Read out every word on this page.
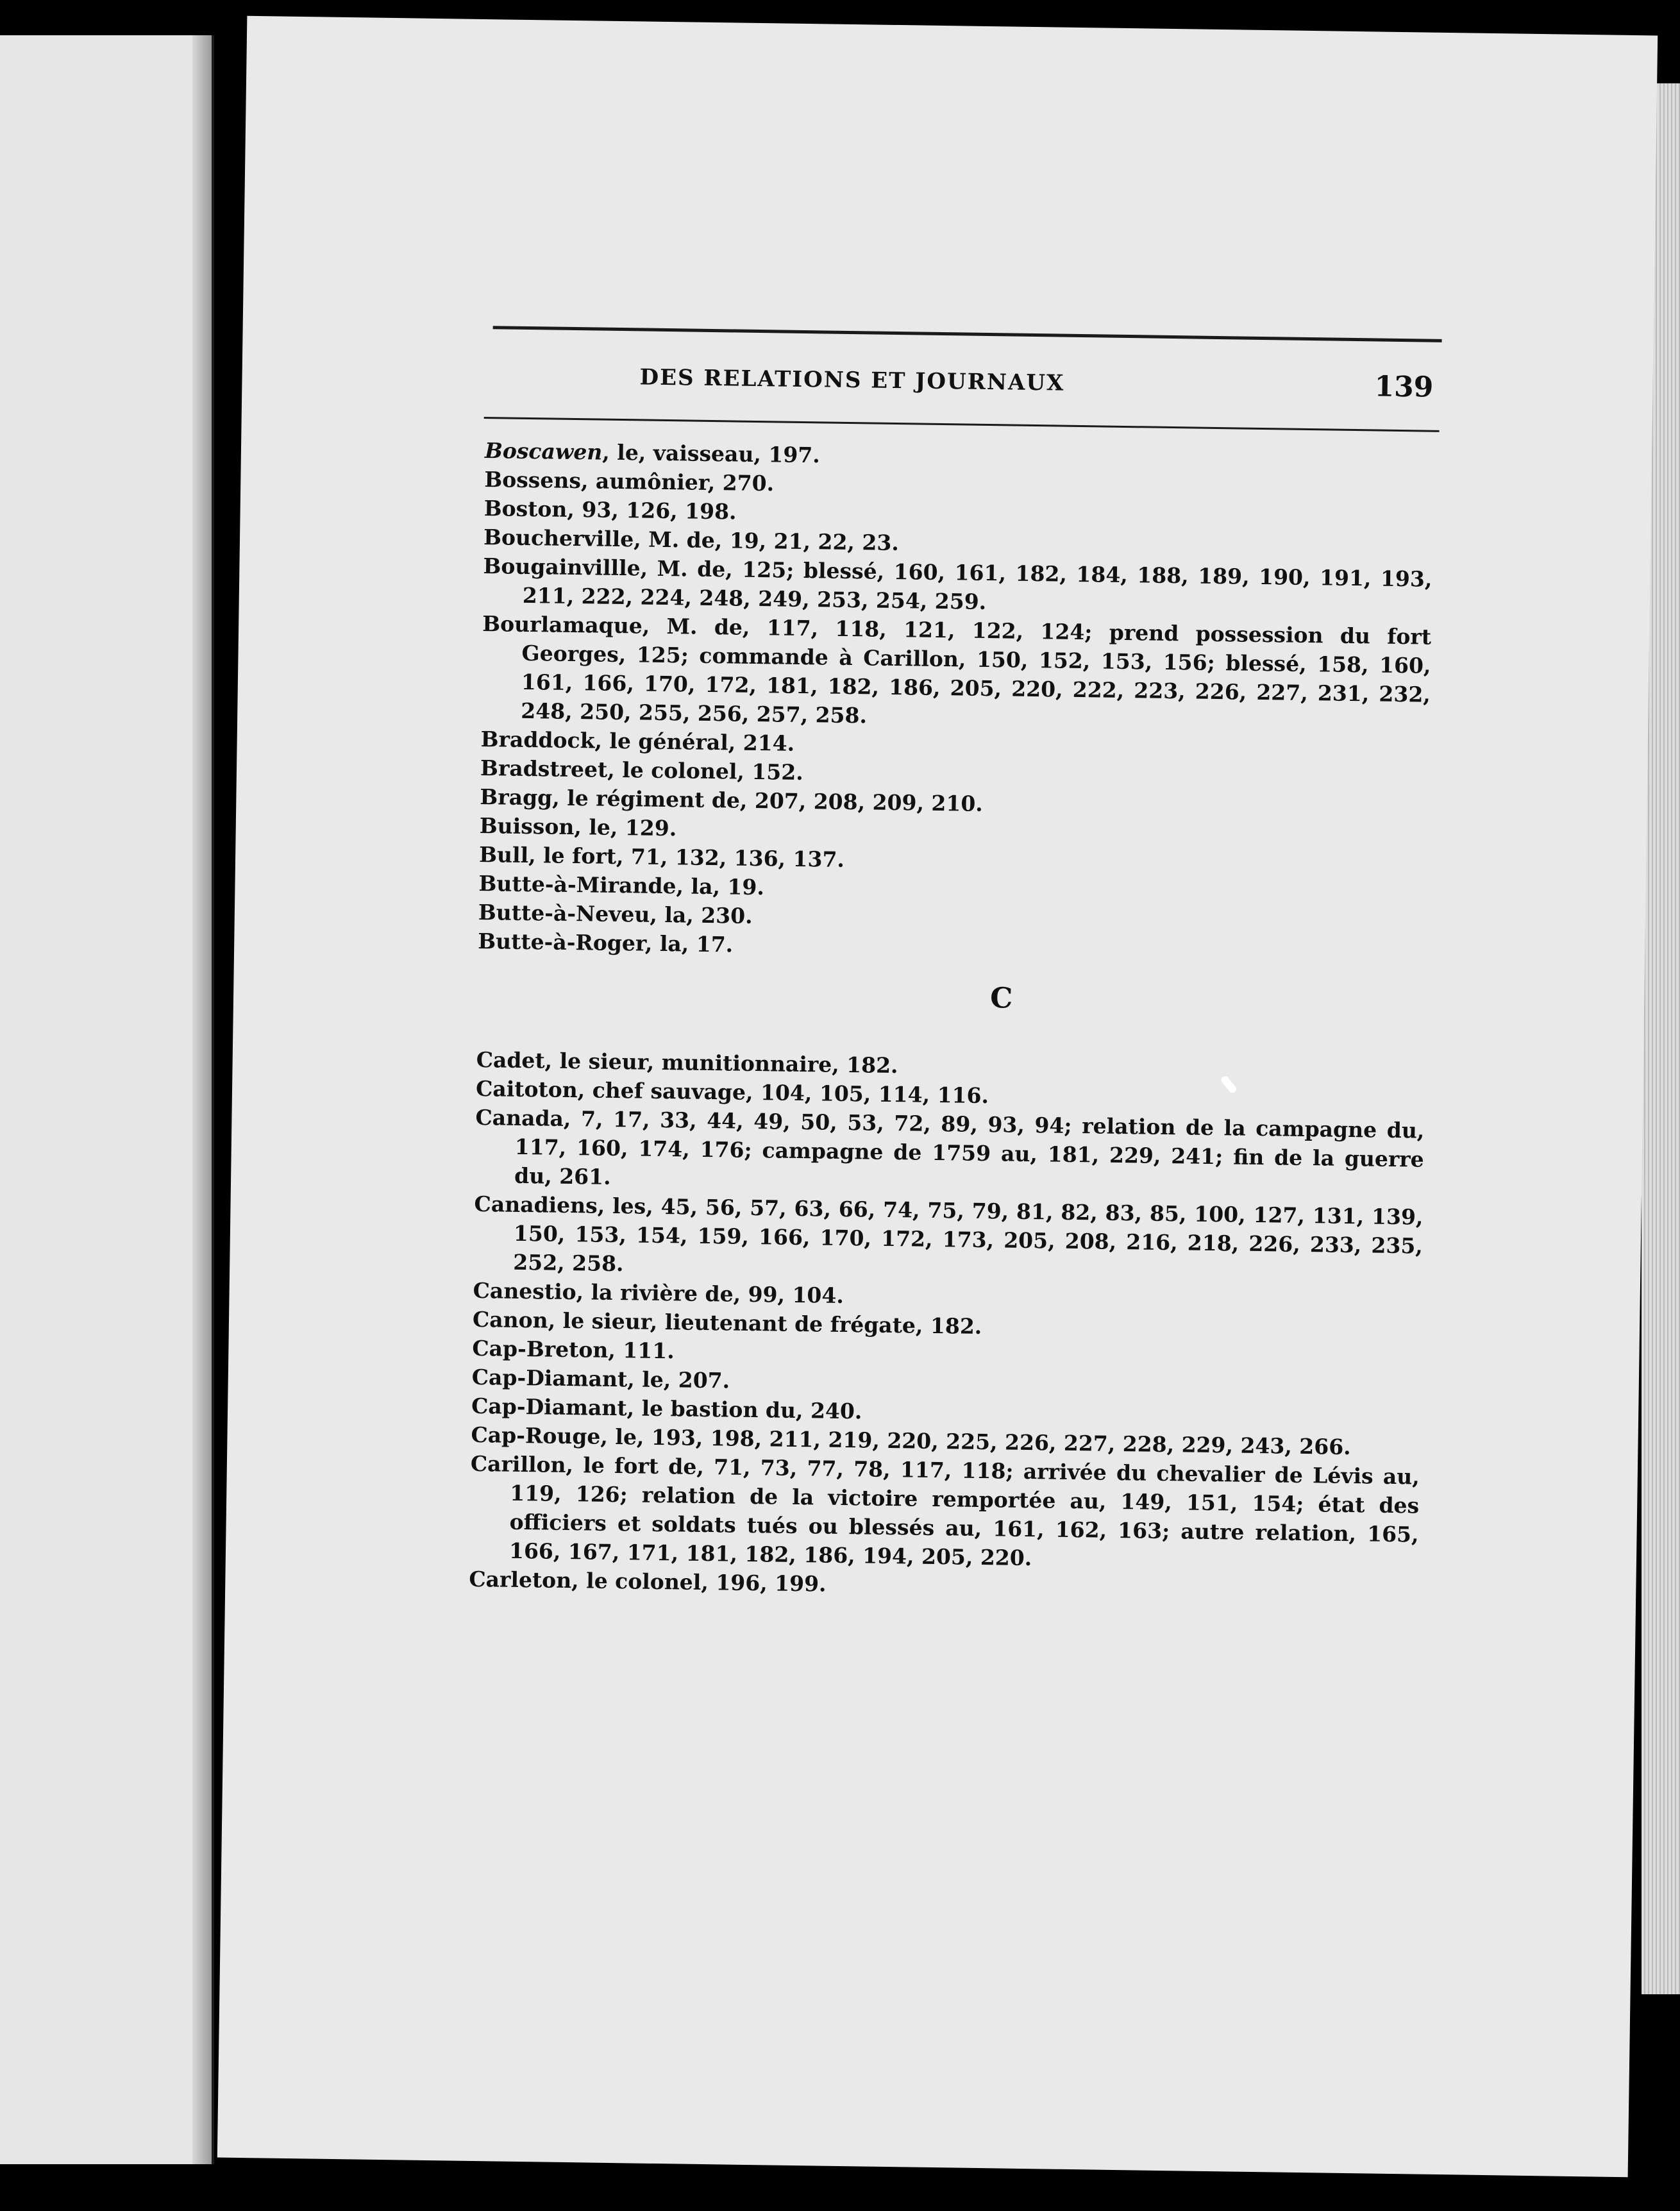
DES RELATIONS ET JOURNAUX	139
Boscawen, le, vaisseau, 197.
Bossens, aumônier, 270.
Boston, 93, 126, 198.
Boucherville, M. de, 19, 21, 22, 23.
Bougainvillle, M. de, 125; blessé, 160, 161, 182, 184, 188, 189, 190, 191, 193, 211, 222, 224, 248, 249, 253, 254, 259.
Bourlamaque, M. de, 117, 118, 121, 122, 124; prend possession du fort Georges, 125; commande à Carillon, 150, 152, 153, 156; blessé, 158, 160, 161, 166, 170, 172, 181, 182, 186, 205, 220, 222, 223, 226, 227, 231, 232, 248, 250, 255, 256, 257, 258.
Braddock, le général, 214.
Bradstreet, le colonel, 152.
Bragg, le régiment de, 207, 208, 209, 210.
Buisson, le, 129.
Bull, le fort, 71, 132, 136, 137.
Butte-à-Mirande, la, 19.
Butte-à-Neveu, la, 230.
Butte-à-Roger, la, 17.
C
Cadet, le sieur, munitionnaire, 182.
Caitoton, chef sauvage, 104, 105, 114, 116.
Canada, 7, 17, 33, 44, 49, 50, 53, 72, 89, 93, 94; relation de la campagne du, 117, 160, 174, 176; campagne de 1759 au, 181, 229, 241; fin de la guerre du, 261.
Canadiens, les, 45, 56, 57, 63, 66, 74, 75, 79, 81, 82, 83, 85, 100, 127, 131, 139, 150, 153, 154, 159, 166, 170, 172, 173, 205, 208, 216, 218, 226, 233, 235, 252, 258.
Canestio, la rivière de, 99, 104.
Canon, le sieur, lieutenant de frégate, 182.
Cap-Breton, 111.
Cap-Diamant, le, 207.
Cap-Diamant, le bastion du, 240.
Cap-Rouge, le, 193, 198, 211, 219, 220, 225, 226, 227, 228, 229, 243, 266.
Carillon, le fort de, 71, 73, 77, 78, 117, 118; arrivée du chevalier de Lévis au, 119, 126; relation de la victoire remportée au, 149, 151, 154; état des officiers et soldats tués ou blessés au, 161, 162, 163; autre relation, 165, 166, 167, 171, 181, 182, 186, 194, 205, 220.
Carleton, le colonel, 196, 199.
